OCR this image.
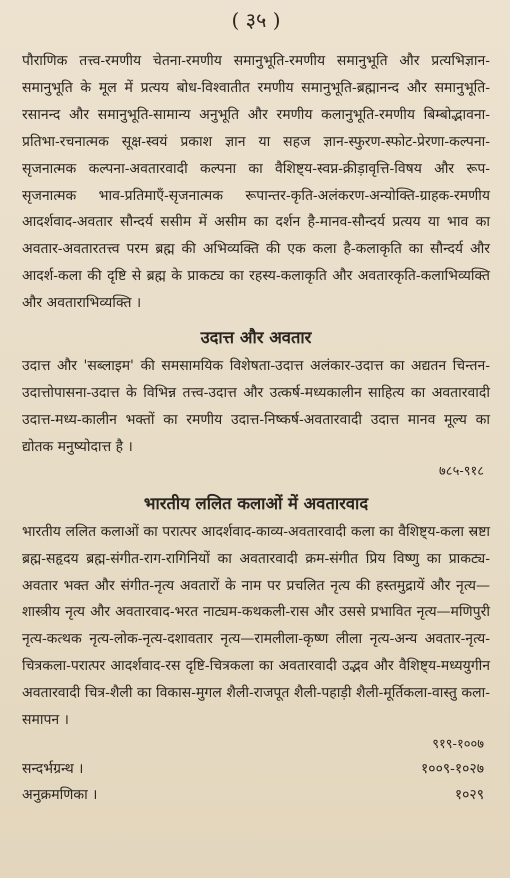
( ३५ )

पौराणिक तत्त्व-रमणीय चेतना-रमणीय समानुभूति-रमणीय समानुभूति और प्रत्यभिज्ञान-समानुभूति के मूल में प्रत्यय बोध-विश्वातीत रमणीय समानुभूति-ब्रह्मानन्द और समानुभूति-रसानन्द और समानुभूति-सामान्य अनुभूति और रमणीय कलानुभूति-रमणीय बिम्बोद्भावना-प्रतिभा-रचनात्मक सूक्ष-स्वयं प्रकाश ज्ञान या सहज ज्ञान-स्फुरण-स्फोट-प्रेरणा-कल्पना-सृजनात्मक कल्पना-अवतारवादी कल्पना का वैशिष्ट्य-स्वप्न-क्रीड़ावृत्ति-विषय और रूप-सृजनात्मक भाव-प्रतिमाएँ-सृजनात्मक रूपान्तर-कृति-अलंकरण-अन्योक्ति-ग्राहक-रमणीय आदर्शवाद-अवतार सौन्दर्य ससीम में असीम का दर्शन है-मानव-सौन्दर्य प्रत्यय या भाव का अवतार-अवतारतत्त्व परम ब्रह्म की अभिव्यक्ति की एक कला है-कलाकृति का सौन्दर्य और आदर्श-कला की दृष्टि से ब्रह्म के प्राकट्य का रहस्य-कलाकृति और अवतारकृति-कलाभिव्यक्ति और अवताराभिव्यक्ति ।

उदात्त और अवतार

उदात्त और 'सब्लाइम' की समसामयिक विशेषता-उदात्त अलंकार-उदात्त का अद्यतन चिन्तन-उदात्तोपासना-उदात्त के विभिन्न तत्त्व-उदात्त और उत्कर्ष-मध्यकालीन साहित्य का अवतारवादी उदात्त-मध्य-कालीन भक्तों का रमणीय उदात्त-निष्कर्ष-अवतारवादी उदात्त मानव मूल्य का द्योतक मनुष्योदात्त है ।

७८५-९१८
भारतीय ललित कलाओं में अवतारवाद

भारतीय ललित कलाओं का परात्पर आदर्शवाद-काव्य-अवतारवादी कला का वैशिष्ट्य-कला स्रष्टा ब्रह्म-सहृदय ब्रह्म-संगीत-राग-रागिनियों का अवतारवादी क्रम-संगीत प्रिय विष्णु का प्राकट्य-अवतार भक्त और संगीत-नृत्य अवतारों के नाम पर प्रचलित नृत्य की हस्तमुद्रायें और नृत्य—शास्त्रीय नृत्य और अवतारवाद-भरत नाट्यम-कथकली-रास और उससे प्रभावित नृत्य—मणिपुरी नृत्य-कत्थक नृत्य-लोक-नृत्य-दशावतार नृत्य—रामलीला-कृष्ण लीला नृत्य-अन्य अवतार-नृत्य-चित्रकला-परात्पर आदर्शवाद-रस दृष्टि-चित्रकला का अवतारवादी उद्भव और वैशिष्ट्य-मध्ययुगीन अवतारवादी चित्र-शैली का विकास-मुगल शैली-राजपूत शैली-पहाड़ी शैली-मूर्तिकला-वास्तु कला-समापन ।

९१९-१००७
सन्दर्भग्रन्थ ।	१००९-१०२७
अनुक्रमणिका ।	१०२९
